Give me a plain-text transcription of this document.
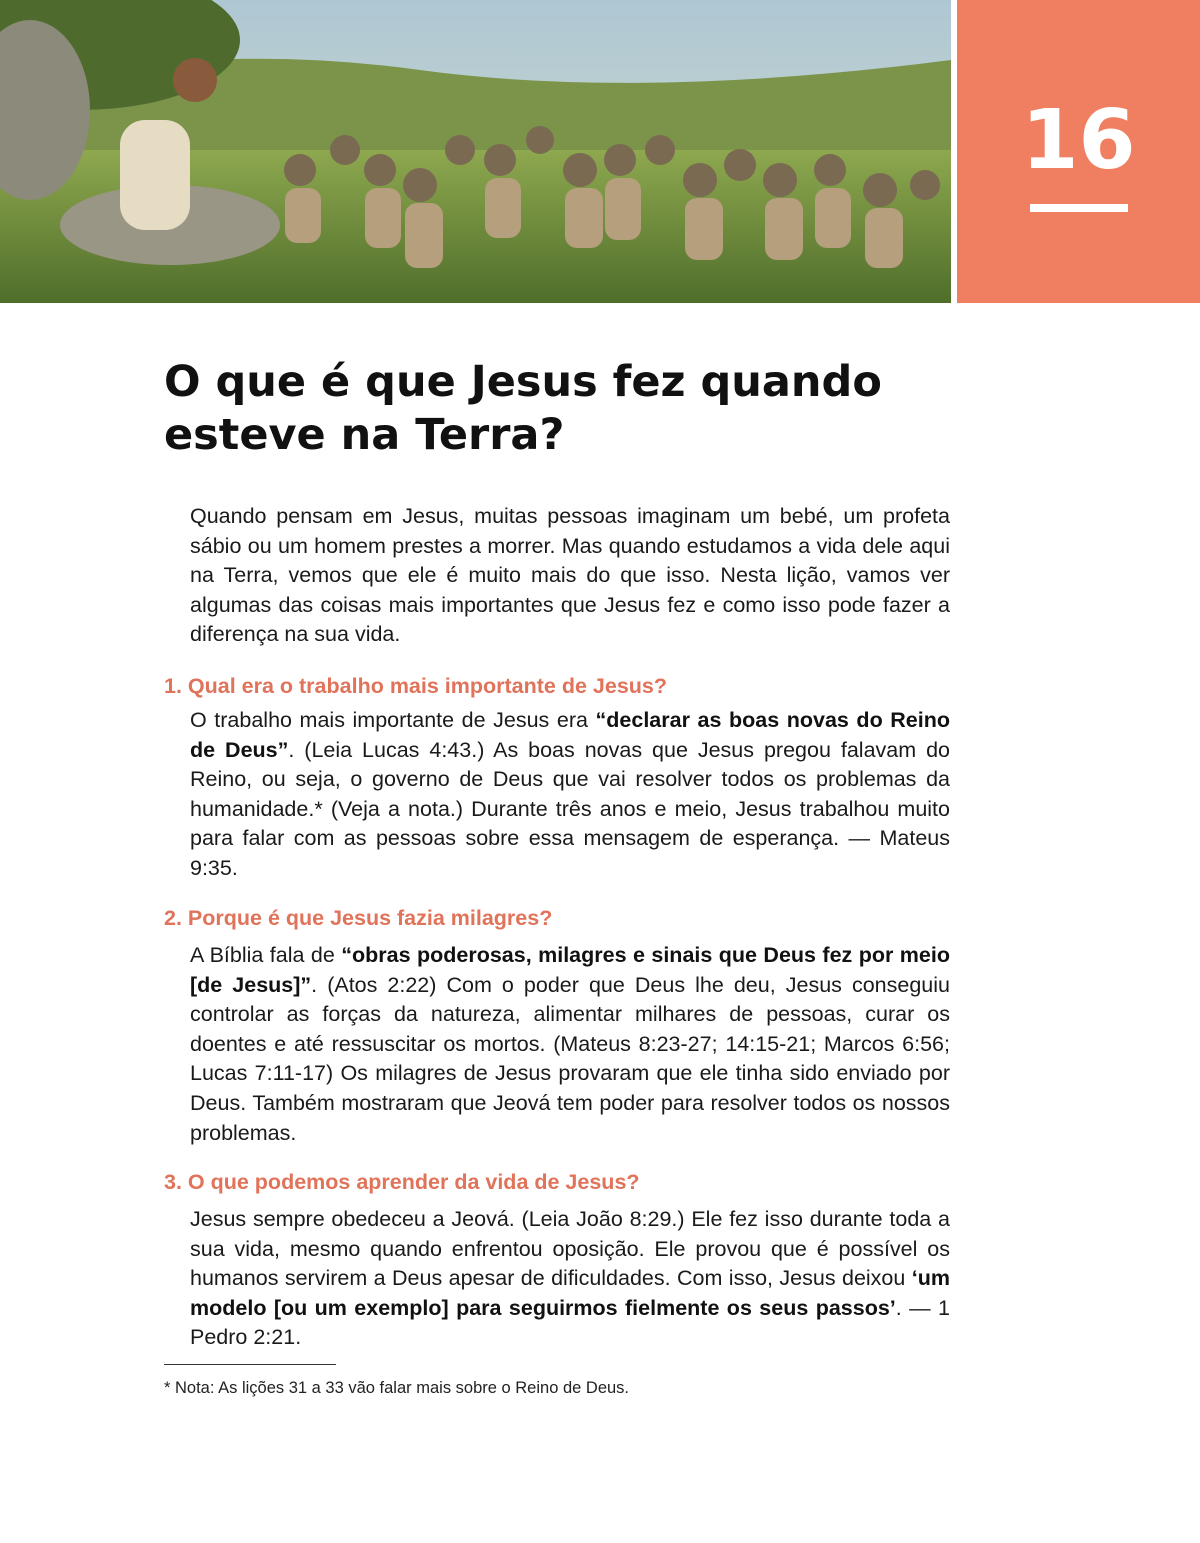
16
O que é que Jesus fez quando esteve na Terra?

Quando pensam em Jesus, muitas pessoas imaginam um bebé, um profeta sábio ou um homem prestes a morrer. Mas quando estudamos a vida dele aqui na Terra, vemos que ele é muito mais do que isso. Nesta lição, vamos ver algumas das coisas mais importantes que Jesus fez e como isso pode fazer a diferença na sua vida.

1. Qual era o trabalho mais importante de Jesus?

O trabalho mais importante de Jesus era “declarar as boas novas do Reino de Deus”. (Leia Lucas 4:43.) As boas novas que Jesus pregou falavam do Reino, ou seja, o governo de Deus que vai resolver todos os problemas da humanidade.* (Veja a nota.) Durante três anos e meio, Jesus trabalhou muito para falar com as pessoas sobre essa mensagem de esperança. — Mateus 9:35.

2. Porque é que Jesus fazia milagres?

A Bíblia fala de “obras poderosas, milagres e sinais que Deus fez por meio [de Jesus]”. (Atos 2:22) Com o poder que Deus lhe deu, Jesus conseguiu controlar as forças da natureza, alimentar milhares de pessoas, curar os doentes e até ressuscitar os mortos. (Mateus 8:23-27; 14:15-21; Marcos 6:56; Lucas 7:11-17) Os milagres de Jesus provaram que ele tinha sido enviado por Deus. Também mostraram que Jeová tem poder para resolver todos os nossos problemas.

3. O que podemos aprender da vida de Jesus?

Jesus sempre obedeceu a Jeová. (Leia João 8:29.) Ele fez isso durante toda a sua vida, mesmo quando enfrentou oposição. Ele provou que é possível os humanos servirem a Deus apesar de dificuldades. Com isso, Jesus deixou ‘um modelo [ou um exemplo] para seguirmos fielmente os seus passos’. — 1 Pedro 2:21.

* Nota: As lições 31 a 33 vão falar mais sobre o Reino de Deus.
